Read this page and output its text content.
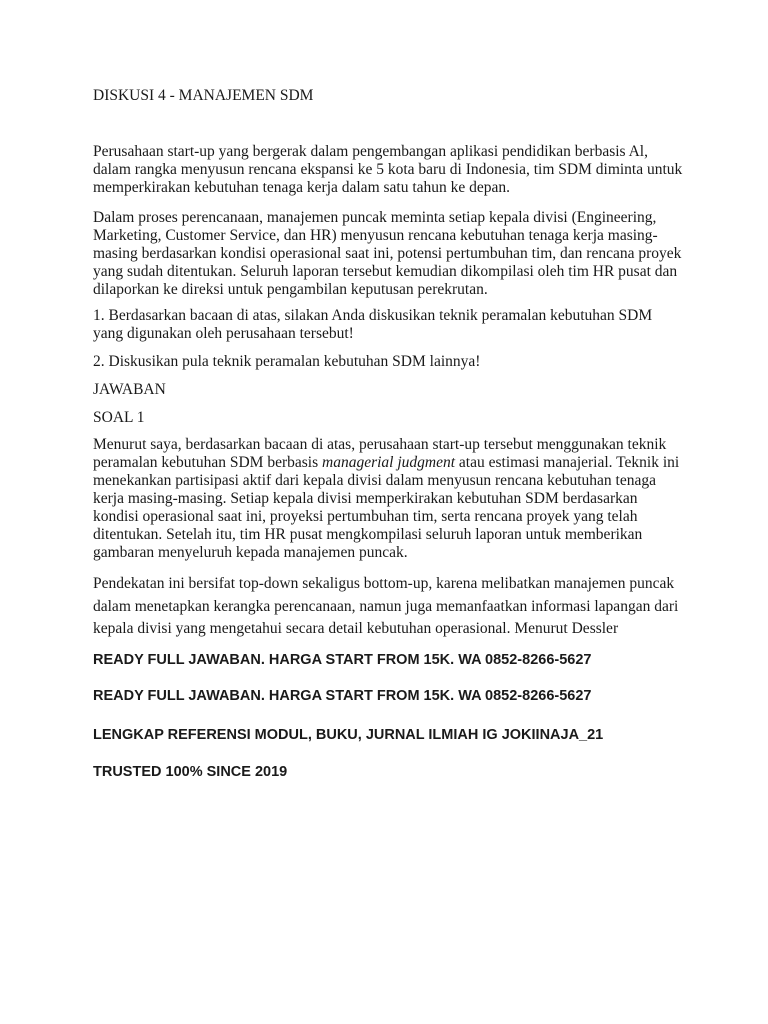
DISKUSI 4 - MANAJEMEN SDM

Perusahaan start-up yang bergerak dalam pengembangan aplikasi pendidikan berbasis Al, dalam rangka menyusun rencana ekspansi ke 5 kota baru di Indonesia, tim SDM diminta untuk memperkirakan kebutuhan tenaga kerja dalam satu tahun ke depan.

Dalam proses perencanaan, manajemen puncak meminta setiap kepala divisi (Engineering, Marketing, Customer Service, dan HR) menyusun rencana kebutuhan tenaga kerja masing-masing berdasarkan kondisi operasional saat ini, potensi pertumbuhan tim, dan rencana proyek yang sudah ditentukan. Seluruh laporan tersebut kemudian dikompilasi oleh tim HR pusat dan dilaporkan ke direksi untuk pengambilan keputusan perekrutan.

1. Berdasarkan bacaan di atas, silakan Anda diskusikan teknik peramalan kebutuhan SDM yang digunakan oleh perusahaan tersebut!

2. Diskusikan pula teknik peramalan kebutuhan SDM lainnya!

JAWABAN

SOAL 1

Menurut saya, berdasarkan bacaan di atas, perusahaan start-up tersebut menggunakan teknik peramalan kebutuhan SDM berbasis managerial judgment atau estimasi manajerial. Teknik ini menekankan partisipasi aktif dari kepala divisi dalam menyusun rencana kebutuhan tenaga kerja masing-masing. Setiap kepala divisi memperkirakan kebutuhan SDM berdasarkan kondisi operasional saat ini, proyeksi pertumbuhan tim, serta rencana proyek yang telah ditentukan. Setelah itu, tim HR pusat mengkompilasi seluruh laporan untuk memberikan gambaran menyeluruh kepada manajemen puncak.

Pendekatan ini bersifat top-down sekaligus bottom-up, karena melibatkan manajemen puncak dalam menetapkan kerangka perencanaan, namun juga memanfaatkan informasi lapangan dari kepala divisi yang mengetahui secara detail kebutuhan operasional. Menurut Dessler

READY FULL JAWABAN. HARGA START FROM 15K. WA 0852-8266-5627

READY FULL JAWABAN. HARGA START FROM 15K. WA 0852-8266-5627

LENGKAP REFERENSI MODUL, BUKU, JURNAL ILMIAH IG JOKIINAJA_21

TRUSTED 100% SINCE 2019
